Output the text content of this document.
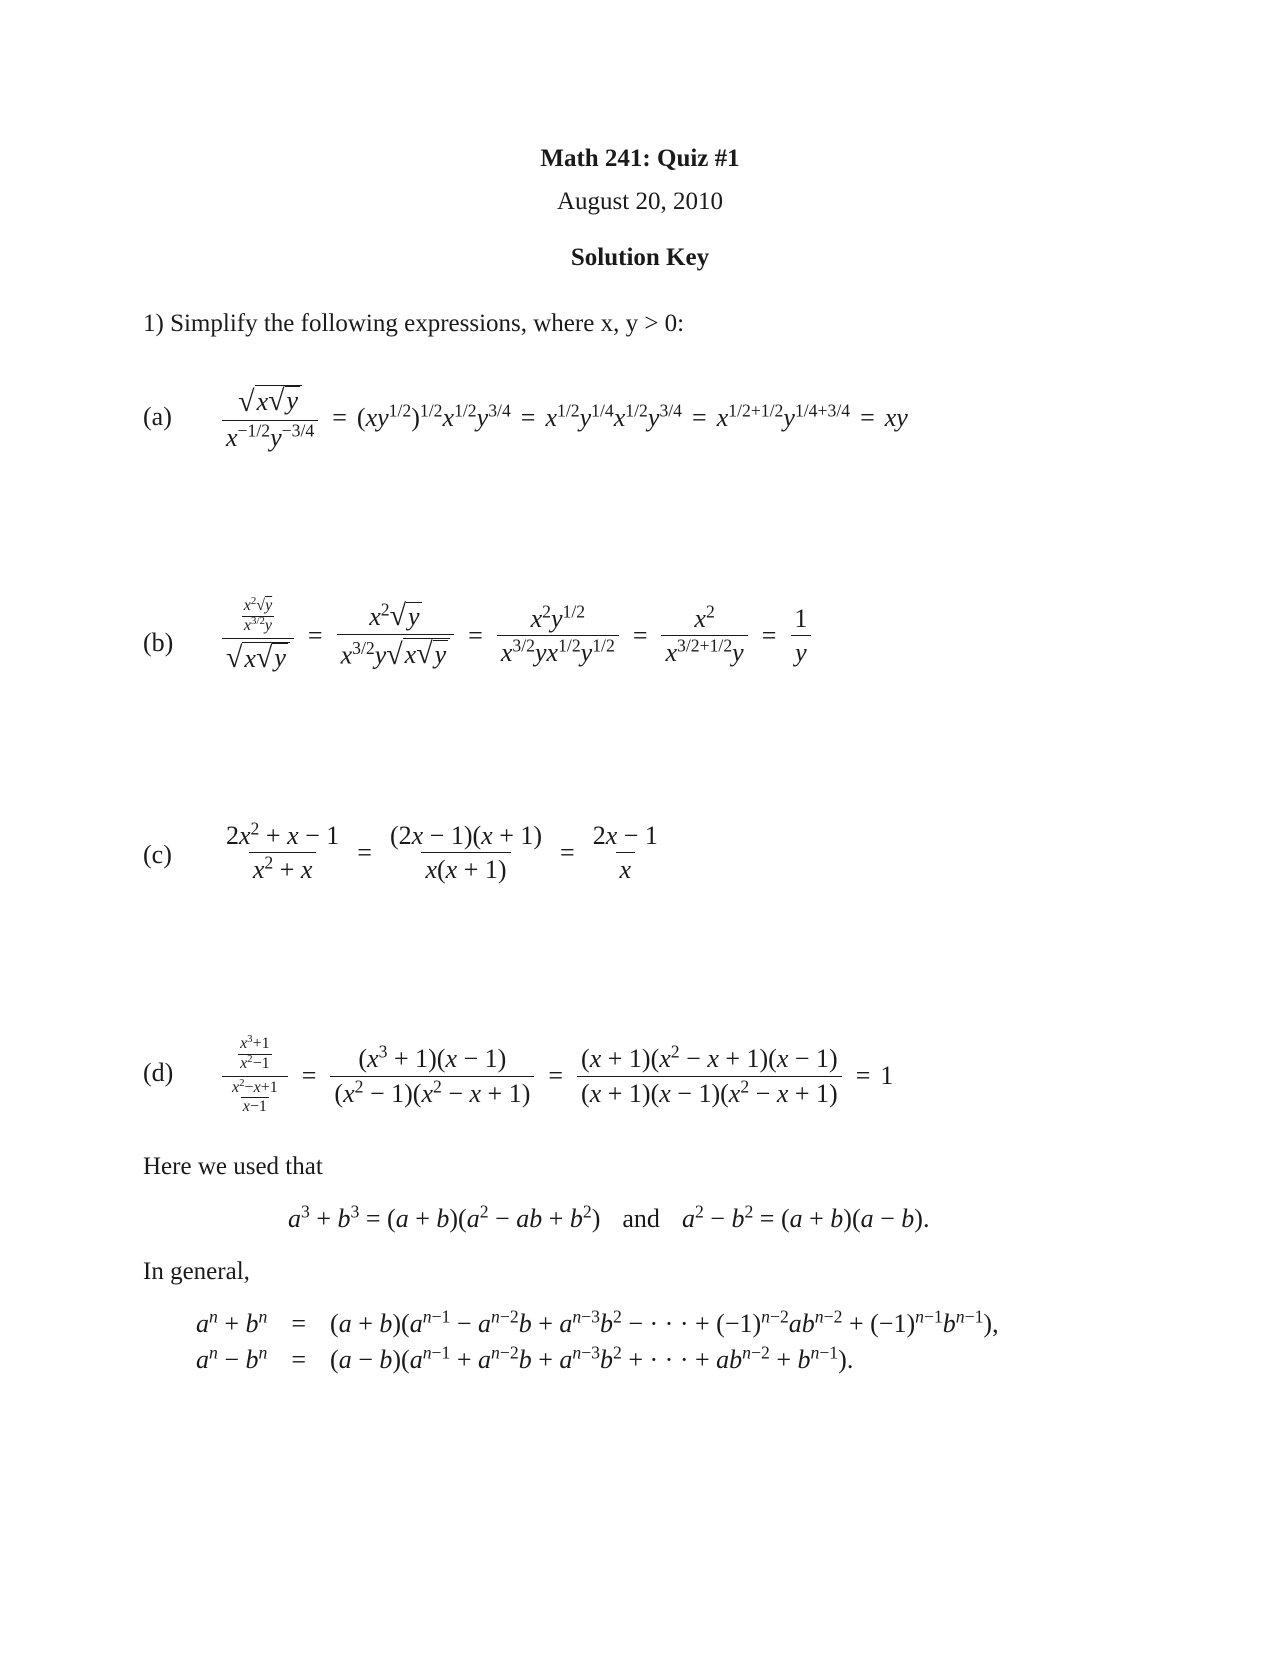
Math 241: Quiz #1
August 20, 2010
Solution Key
1) Simplify the following expressions, where x, y > 0:
$(a) \frac{√ x √ y}{x^{-1/2}y^{-3/4}} = (xy^{1/2})^{1/2}x^{1/2}y^{3/4} = x^{1/2}y^{1/4}x^{1/2}y^{3/4} = x^{1/2+1/2}y^{1/4+3/4}$ = xy
(b)	$\frac{\frac{x^2√y}{x^{3/2}y}}{√ x √ y} = \frac{x^2 √ y}{x^{3/2}y √ x √ y} = \frac{x^2y^{1/2}}{x^{3/2}yx^{1/2}y^{1/2}} = \frac{x^2}{x^{3/2+1/2}y} = \frac{1}{y}$
$(c) \frac{2x^2 + x - 1}{x^2 + x} = \frac{(2x - 1)(x + 1)}{x(x + 1)} = \frac{2x - 1}{x}$
(d)	$\frac{\frac{x^3+1}{x^2-1}}{\frac{x^2-x+1}{x-1}} = \frac{(x^3 + 1)(x - 1)}{(x^2 - 1)(x^2 - x + 1)} = \frac{(x + 1)(x^2 - x + 1)(x - 1)}{(x + 1)(x - 1)(x^2 - x + 1)} = 1$
Here we used that
$a^3 + b^3 = (a + b)(a^2$ − ab + $b^2$) and $a^2 - b^2 = (a + b)(a - b)$.
In general,
$a^n + b^n = (a + b)(a^{n-1} - a^{n-2}b + a^{n-3}b^2$ − · · · + $(-1)^{n-2}ab^{n-2} + (-1)^{n-1}b^{n-1}$),
$a^n - b^n = (a - b)(a^{n-1} + a^{n-2}b + a^{n-3}b^2$ + · · · + $ab^{n-2} + b^{n-1}$).
